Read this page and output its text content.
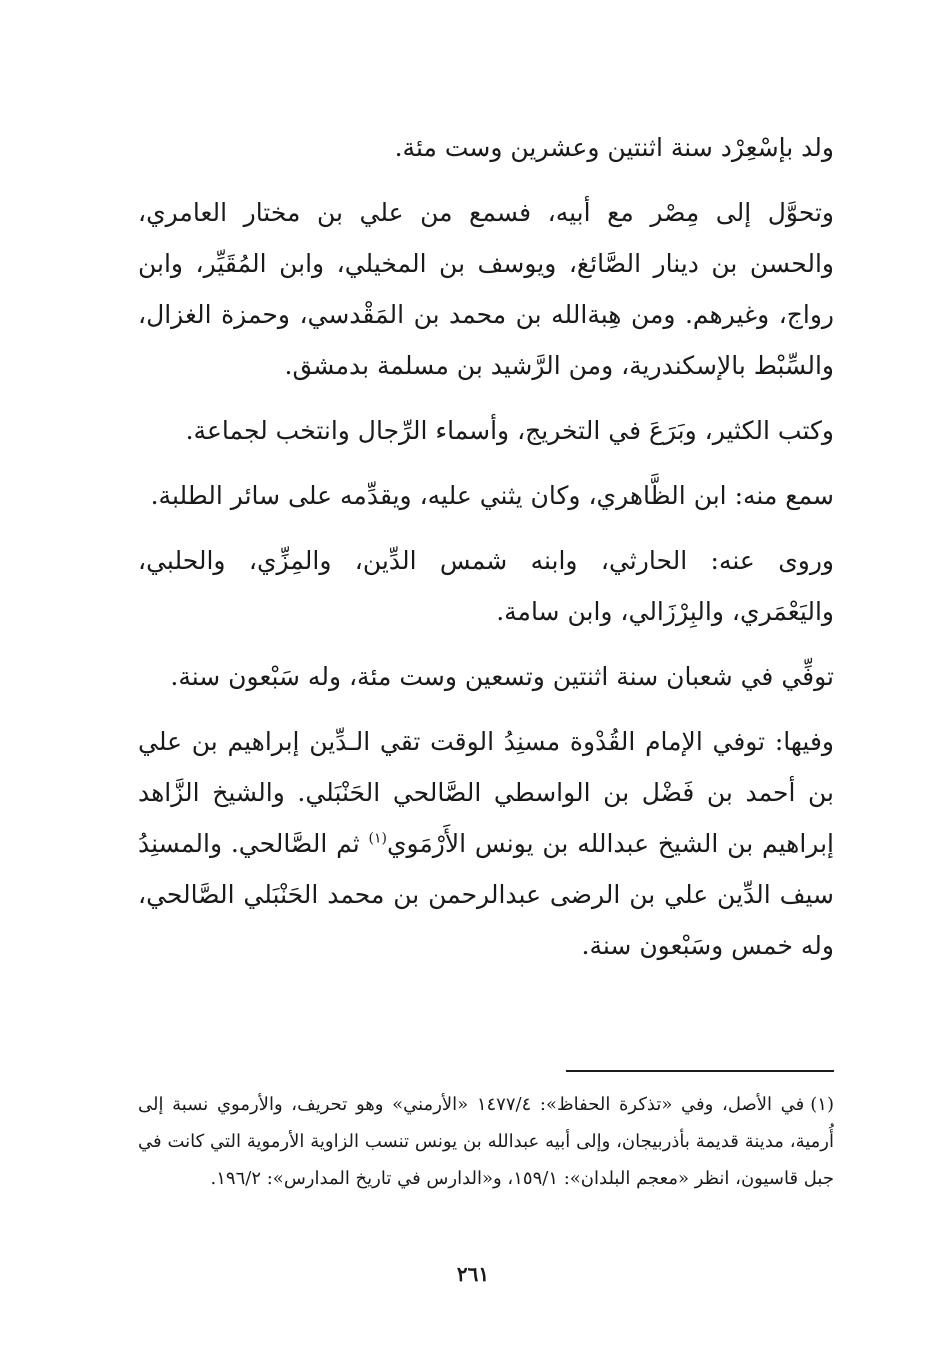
ولد بإسْعِرْد سنة اثنتين وعشرين وست مئة.

وتحوَّل إلى مِصْر مع أبيه، فسمع من علي بن مختار العامري، والحسن بن دينار الصَّائغ، ويوسف بن المخيلي، وابن المُقَيِّر، وابن رواج، وغيرهم. ومن هِبةالله بن محمد بن المَقْدسي، وحمزة الغزال، والسِّبْط بالإسكندرية، ومن الرَّشيد بن مسلمة بدمشق.

وكتب الكثير، وبَرَعَ في التخريج، وأسماء الرِّجال وانتخب لجماعة.

سمع منه: ابن الظَّاهري، وكان يثني عليه، ويقدِّمه على سائر الطلبة.

وروى عنه: الحارثي، وابنه شمس الدِّين، والمِزِّي، والحلبي، واليَعْمَري، والبِرْزَالي، وابن سامة.

توفِّي في شعبان سنة اثنتين وتسعين وست مئة، وله سَبْعون سنة.

وفيها: توفي الإمام القُدْوة مسنِدُ الوقت تقي الـدِّين إبراهيم بن علي بن أحمد بن فَضْل بن الواسطي الصَّالحي الحَنْبَلي. والشيخ الزَّاهد إبراهيم بن الشيخ عبدالله بن يونس الأَرْمَوي$^{(١)}$ ثم الصَّالحي. والمسنِدُ سيف الدِّين علي بن الرضى عبدالرحمن بن محمد الحَنْبَلي الصَّالحي، وله خمس وسَبْعون سنة.

(١)في الأصل، وفي «تذكرة الحفاظ»: ١٤٧٧/٤ «الأرمني» وهو تحريف، والأرموي نسبة إلى أُرمية، مدينة قديمة بأذربيجان، وإلى أبيه عبدالله بن يونس تنسب الزاوية الأرموية التي كانت في جبل قاسيون، انظر «معجم البلدان»: ١٥٩/١، و«الدارس في تاريخ المدارس»: ١٩٦/٢.
٢٦١
